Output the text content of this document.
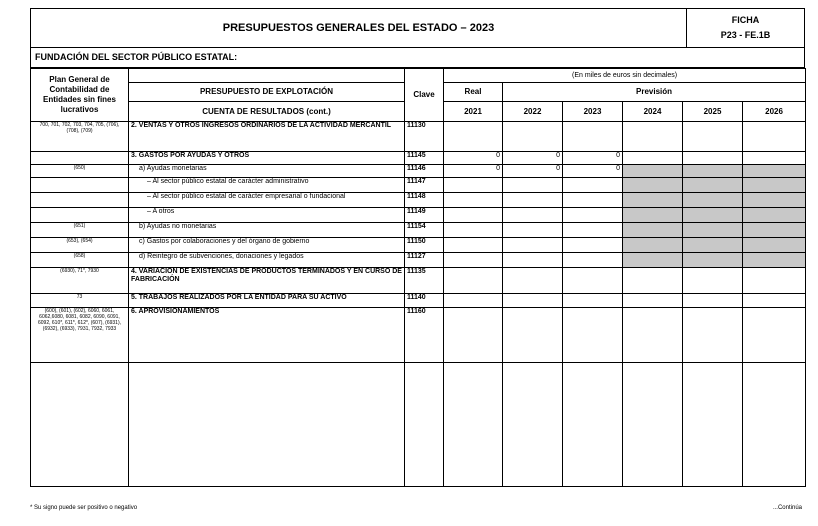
PRESUPUESTOS GENERALES DEL ESTADO – 2023
FICHA
P23 - FE.1B
FUNDACIÓN DEL SECTOR PÚBLICO ESTATAL:
Plan General de Contabilidad de Entidades sin fines lucrativos		Clave	(En miles de euros sin decimales)					
	PRESUPUESTO DE EXPLOTACIÓN		Real	Previsión				
	CUENTA DE RESULTADOS (cont.)		2021	2022	2023	2024	2025	2026
700, 701, 702, 703, 704, 705, (706), (708), (709)	2. VENTAS Y OTROS INGRESOS ORDINARIOS DE LA ACTIVIDAD MERCANTIL	11130						
	3. GASTOS POR AYUDAS Y OTROS	11145	0	0	0			
(650)	a) Ayudas monetarias	11146	0	0	0			
	– Al sector público estatal de carácter administrativo	11147						
	– Al sector público estatal de carácter empresarial o fundacional	11148						
	– A otros	11149						
(651)	b) Ayudas no monetarias	11154						
(653), (654)	c) Gastos por colaboraciones y del órgano de gobierno	11150						
(658)	d) Reintegro de subvenciones, donaciones y legados	11127						
(6930), 71*, 7930	4. VARIACIÓN DE EXISTENCIAS DE PRODUCTOS TERMINADOS Y EN CURSO DE FABRICACIÓN	11135						
73	5. TRABAJOS REALIZADOS POR LA ENTIDAD PARA SU ACTIVO	11140						
(600), (601), (602), 6060, 6061, 6062,6080, 6081, 6082, 6090, 6091, 6092, 610*, 611*, 612*, (607), (6931), (6932), (6933), 7931, 7932, 7933	6. APROVISIONAMIENTOS	11160						

* Su signo puede ser positivo o negativo	...Continúa
